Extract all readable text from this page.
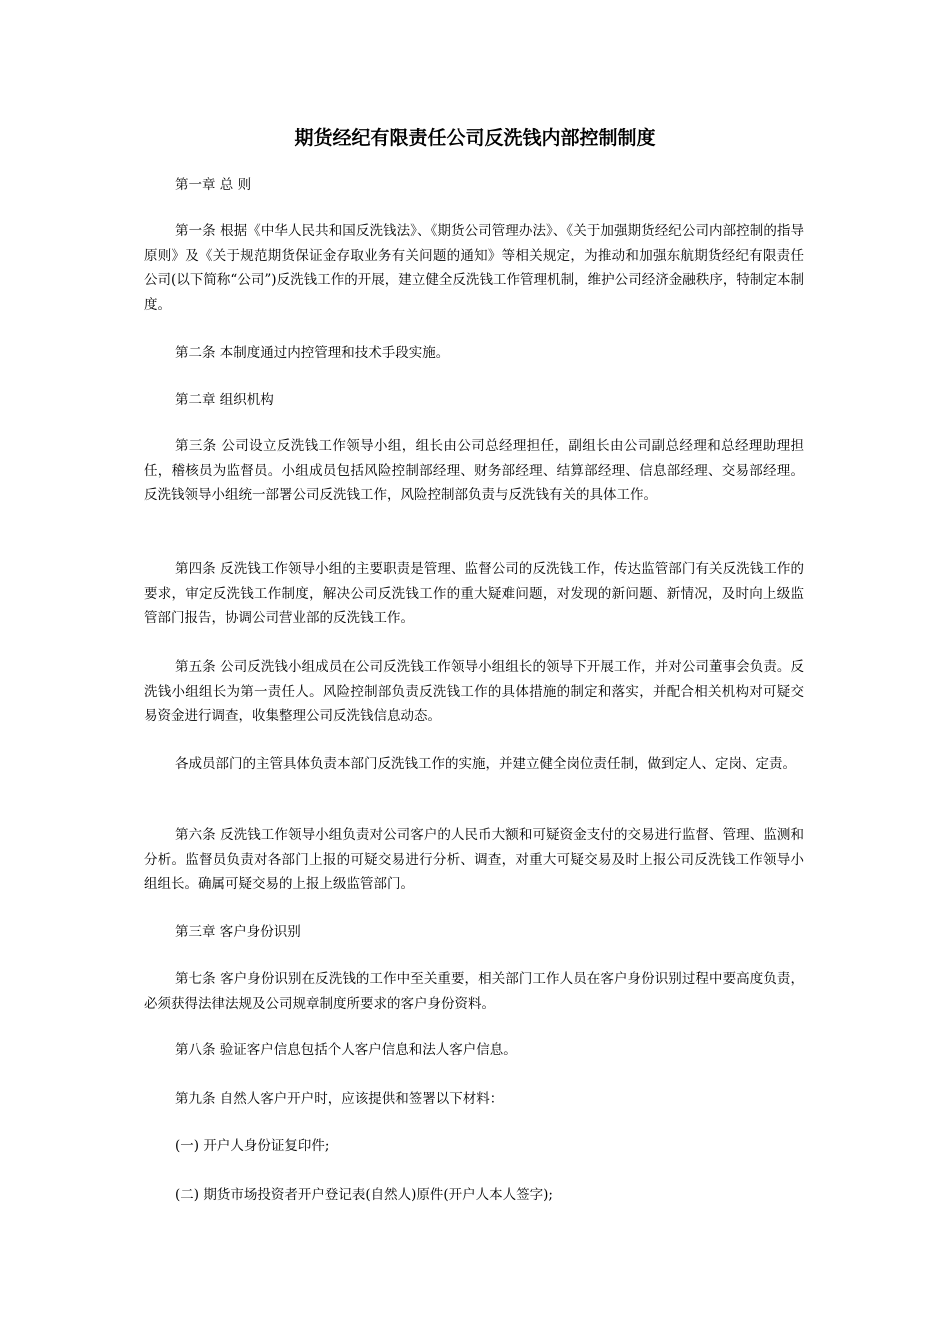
期货经纪有限责任公司反洗钱内部控制制度

第一章 总 则

第一条 根据《中华人民共和国反洗钱法》、《期货公司管理办法》、《关于加强期货经纪公司内部控制的指导原则》及《关于规范期货保证金存取业务有关问题的通知》等相关规定，为推动和加强东航期货经纪有限责任公司(以下简称“公司”)反洗钱工作的开展，建立健全反洗钱工作管理机制，维护公司经济金融秩序，特制定本制度。

第二条 本制度通过内控管理和技术手段实施。

第二章 组织机构

第三条 公司设立反洗钱工作领导小组，组长由公司总经理担任，副组长由公司副总经理和总经理助理担任，稽核员为监督员。小组成员包括风险控制部经理、财务部经理、结算部经理、信息部经理、交易部经理。反洗钱领导小组统一部署公司反洗钱工作，风险控制部负责与反洗钱有关的具体工作。

第四条 反洗钱工作领导小组的主要职责是管理、监督公司的反洗钱工作，传达监管部门有关反洗钱工作的要求，审定反洗钱工作制度，解决公司反洗钱工作的重大疑难问题，对发现的新问题、新情况，及时向上级监管部门报告，协调公司营业部的反洗钱工作。

第五条 公司反洗钱小组成员在公司反洗钱工作领导小组组长的领导下开展工作，并对公司董事会负责。反洗钱小组组长为第一责任人。风险控制部负责反洗钱工作的具体措施的制定和落实，并配合相关机构对可疑交易资金进行调查，收集整理公司反洗钱信息动态。

各成员部门的主管具体负责本部门反洗钱工作的实施，并建立健全岗位责任制，做到定人、定岗、定责。

第六条 反洗钱工作领导小组负责对公司客户的人民币大额和可疑资金支付的交易进行监督、管理、监测和分析。监督员负责对各部门上报的可疑交易进行分析、调查，对重大可疑交易及时上报公司反洗钱工作领导小组组长。确属可疑交易的上报上级监管部门。

第三章 客户身份识别

第七条 客户身份识别在反洗钱的工作中至关重要，相关部门工作人员在客户身份识别过程中要高度负责，必须获得法律法规及公司规章制度所要求的客户身份资料。

第八条 验证客户信息包括个人客户信息和法人客户信息。

第九条 自然人客户开户时，应该提供和签署以下材料：

(一) 开户人身份证复印件;

(二) 期货市场投资者开户登记表(自然人)原件(开户人本人签字);
